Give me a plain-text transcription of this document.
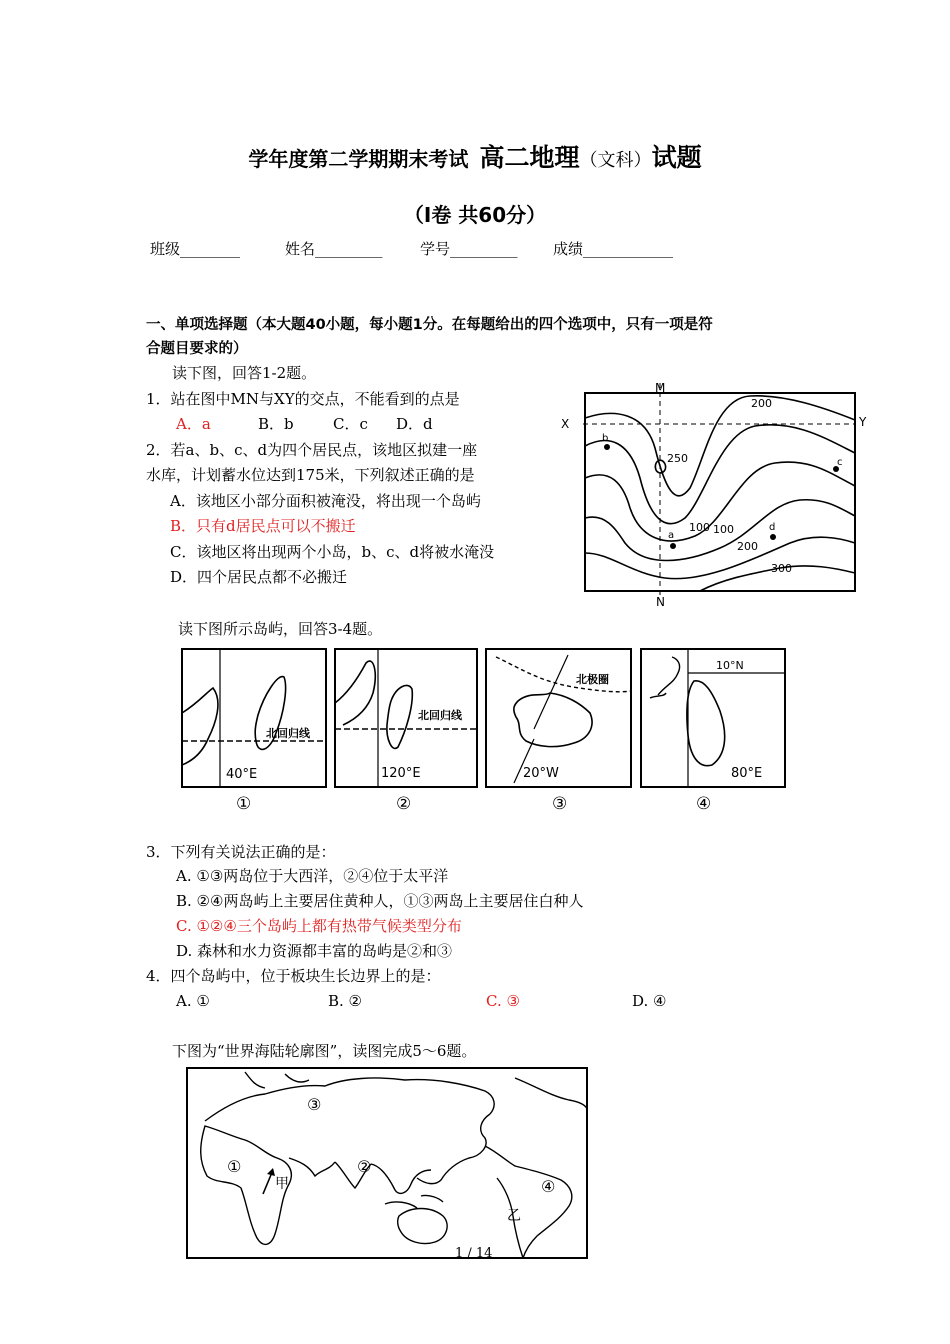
学年度第二学期期末考试 高二地理（文科）试题
（Ⅰ卷 共60分）
班级________	姓名_________ 学号_________ 成绩____________
一、单项选择题（本大题40小题，每小题1分。在每题给出的四个选项中，只有一项是符
合题目要求的）
读下图，回答1-2题。
1．站在图中MN与XY的交点，不能看到的点是
A．a	B．b	C．c D．d
2．若a、b、c、d为四个居民点，该地区拟建一座
水库，计划蓄水位达到175米，下列叙述正确的是
A．该地区小部分面积被淹没，将出现一个岛屿
B．只有d居民点可以不搬迁
C．该地区将出现两个小岛，b、c、d将被水淹没
D．四个居民点都不必搬迁
M
N
X	Y
200
250
100 100
200
300
a
b
c
d
读下图所示岛屿，回答3-4题。
北回归线
40°E
①
北回归线
120°E
②
北极圈
20°W
③
10°N
80°E
④
3．下列有关说法正确的是：
A. ①③两岛位于大西洋，②④位于太平洋
B. ②④两岛屿上主要居住黄种人，①③两岛上主要居住白种人
C. ①②④三个岛屿上都有热带气候类型分布
D. 森林和水力资源都丰富的岛屿是②和③
4．四个岛屿中，位于板块生长边界上的是：
A. ①	B. ②	C. ③	D. ④
下图为“世界海陆轮廓图”，读图完成5～6题。
①	②
③
④
甲
乙
1 / 14
